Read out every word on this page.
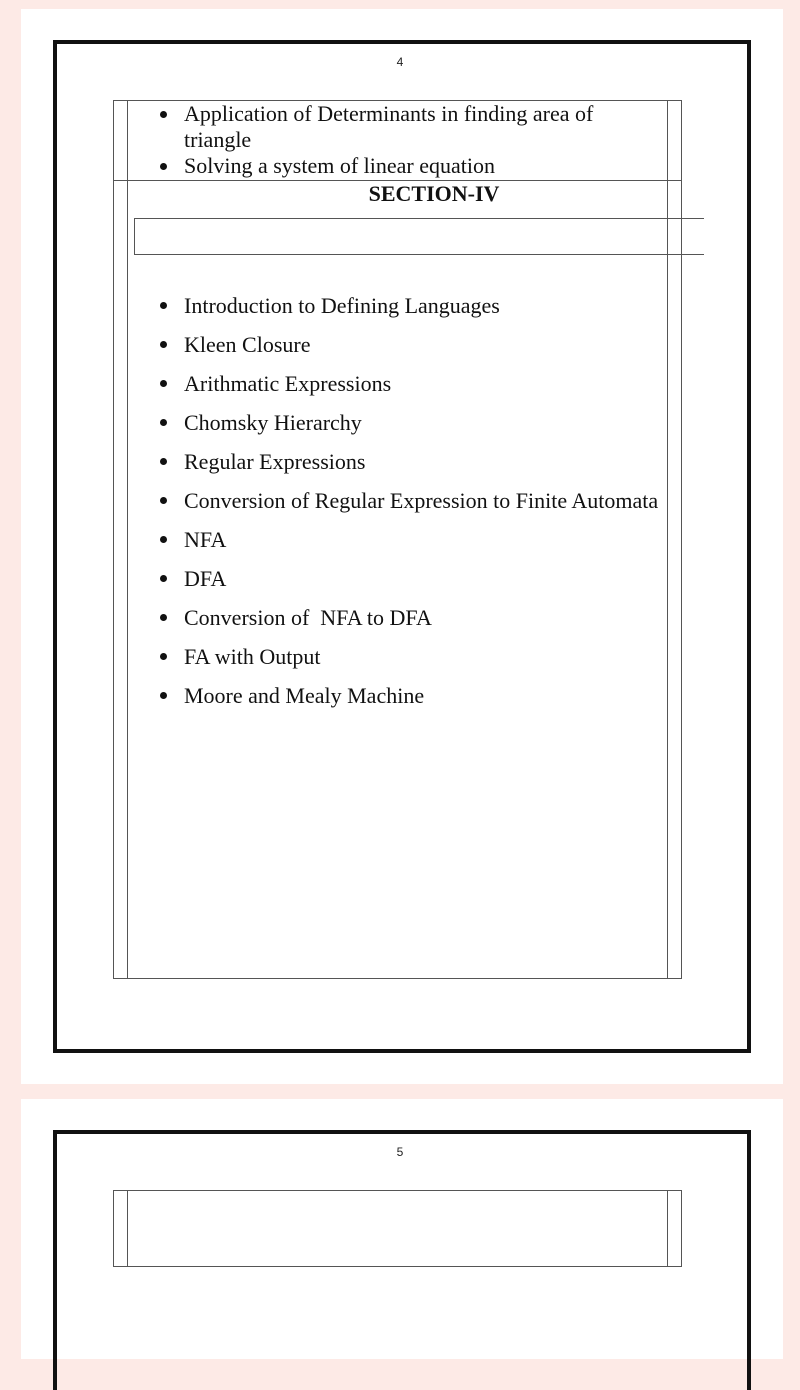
4
Application of Determinants in finding area of triangle
Solving a system of linear equation
SECTION-IV
Introduction to Defining Languages
Kleen Closure
Arithmatic Expressions
Chomsky Hierarchy
Regular Expressions
Conversion of Regular Expression to Finite Automata
NFA
DFA
Conversion of  NFA to DFA
FA with Output
Moore and Mealy Machine
5
